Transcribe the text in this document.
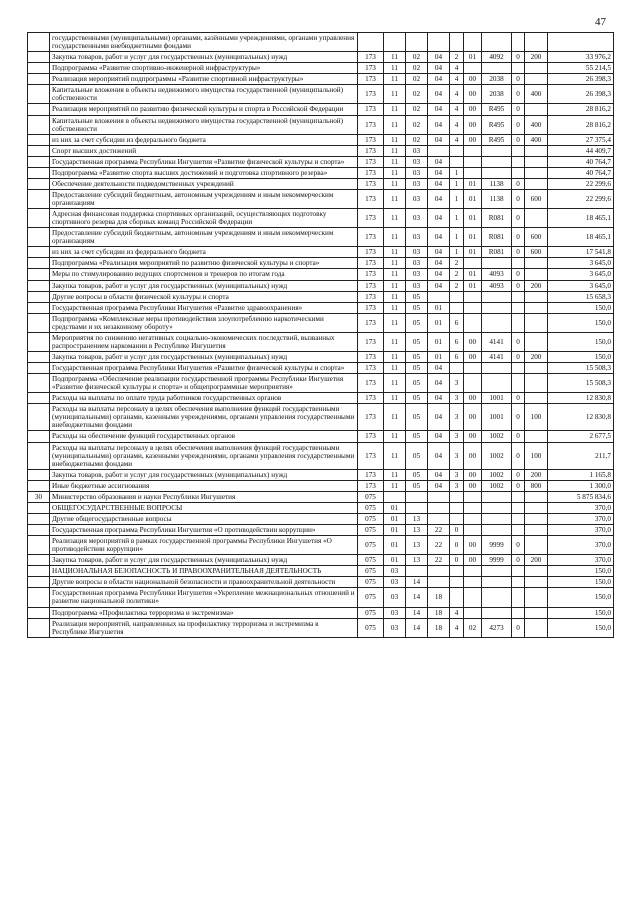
47
	государственными (муниципальными) органами, казёнными учреждениями, органами управления государственными внебюджетными фондами										
	Закупка товаров, работ и услуг для государственных (муниципальных) нужд	173	11	02	04	2	01	4092	0	200	33 976,2
	Подпрограмма «Развитие спортивно-инженерной инфраструктуры»	173	11	02	04	4					55 214,5
	Реализация мероприятий подпрограммы «Развитие спортивной инфраструктуры»	173	11	02	04	4	00	2038	0		26 398,3
	Капитальные вложения в объекты недвижимого имущества государственной (муниципальной) собственности	173	11	02	04	4	00	2038	0	400	26 398,3
	Реализация мероприятий по развитию физической культуры и спорта в Российской Федерации	173	11	02	04	4	00	R495	0		28 816,2
	Капитальные вложения в объекты недвижимого имущества государственной (муниципальной) собственности	173	11	02	04	4	00	R495	0	400	28 816,2
	из них за счет субсидии из федерального бюджета	173	11	02	04	4	00	R495	0	400	27 375,4
	Спорт высших достижений	173	11	03							44 409,7
	Государственная программа Республики Ингушетия «Развитие физической культуры и спорта»	173	11	03	04						40 764,7
	Подпрограмма «Развитие спорта высших достижений и подготовка спортивного резерва»	173	11	03	04	1					40 764,7
	Обеспечение деятельности подведомственных учреждений	173	11	03	04	1	01	1138	0		22 299,6
	Предоставление субсидий бюджетным, автономным учреждениям и иным некоммерческим организациям	173	11	03	04	1	01	1138	0	600	22 299,6
	Адресная финансовая поддержка спортивных организаций, осуществляющих подготовку спортивного резерва для сборных команд Российской Федерации	173	11	03	04	1	01	R081	0		18 465,1
	Предоставление субсидий бюджетным, автономным учреждениям и иным некоммерческим организациям	173	11	03	04	1	01	R081	0	600	18 465,1
	из них за счет субсидии из федерального бюджета	173	11	03	04	1	01	R081	0	600	17 541,8
	Подпрограмма «Реализация мероприятий по развитию физической культуры и спорта»	173	11	03	04	2					3 645,0
	Меры по стимулированию ведущих спортсменов и тренеров по итогам года	173	11	03	04	2	01	4093	0		3 645,0
	Закупка товаров, работ и услуг для государственных (муниципальных) нужд	173	11	03	04	2	01	4093	0	200	3 645,0
	Другие вопросы в области физической культуры и спорта	173	11	05							15 658,3
	Государственная программа Республики Ингушетия «Развитие здравоохранения»	173	11	05	01						150,0
	Подпрограмма «Комплексные меры противодействия злоупотреблению наркотическими средствами и их незаконному обороту»	173	11	05	01	6					150,0
	Мероприятия по снижению негативных социально-экономических последствий, вызванных распространением наркомании в Республике Ингушетия	173	11	05	01	6	00	4141	0		150,0
	Закупка товаров, работ и услуг для государственных (муниципальных) нужд	173	11	05	01	6	00	4141	0	200	150,0
	Государственная программа Республики Ингушетия «Развитие физической культуры и спорта»	173	11	05	04						15 508,3
	Подпрограмма «Обеспечение реализации государственной программы Республики Ингушетия «Развитие физической культуры и спорта» и общепрограммные мероприятия»	173	11	05	04	3					15 508,3
	Расходы на выплаты по оплате труда работников государственных органов	173	11	05	04	3	00	1001	0		12 830,8
	Расходы на выплаты персоналу в целях обеспечения выполнения функций государственными (муниципальными) органами, казенными учреждениями, органами управления государственными внебюджетными фондами	173	11	05	04	3	00	1001	0	100	12 830,8
	Расходы на обеспечение функций государственных органов	173	11	05	04	3	00	1002	0		2 677,5
	Расходы на выплаты персоналу в целях обеспечения выполнения функций государственными (муниципальными) органами, казенными учреждениями, органами управления государственными внебюджетными фондами	173	11	05	04	3	00	1002	0	100	211,7
	Закупка товаров, работ и услуг для государственных (муниципальных) нужд	173	11	05	04	3	00	1002	0	200	1 165,8
	Иные бюджетные ассигнования	173	11	05	04	3	00	1002	0	800	1 300,0
30	Министерство образования и науки Республики Ингушетия	075									5 875 834,6
	ОБЩЕГОСУДАРСТВЕННЫЕ ВОПРОСЫ	075	01								370,0
	Другие общегосударственные вопросы	075	01	13							370,0
	Государственная программа Республики Ингушетия «О противодействии коррупции»	075	01	13	22	0					370,0
	Реализация мероприятий в рамках государственной программы Республики Ингушетия «О противодействии коррупции»	075	01	13	22	0	00	9999	0		370,0
	Закупка товаров, работ и услуг для государственных (муниципальных) нужд	075	01	13	22	0	00	9999	0	200	370,0
	НАЦИОНАЛЬНАЯ БЕЗОПАСНОСТЬ И ПРАВООХРАНИТЕЛЬНАЯ ДЕЯТЕЛЬНОСТЬ	075	03								150,0
	Другие вопросы в области национальной безопасности и правоохранительной деятельности	075	03	14							150,0
	Государственная программа Республики Ингушетия «Укрепление межнациональных отношений и развитие национальной политики»	075	03	14	18						150,0
	Подпрограмма «Профилактика терроризма и экстремизма»	075	03	14	18	4					150,0
	Реализация мероприятий, направленных на профилактику терроризма и экстремизма в Республике Ингушетия	075	03	14	18	4	02	4273	0		150,0
